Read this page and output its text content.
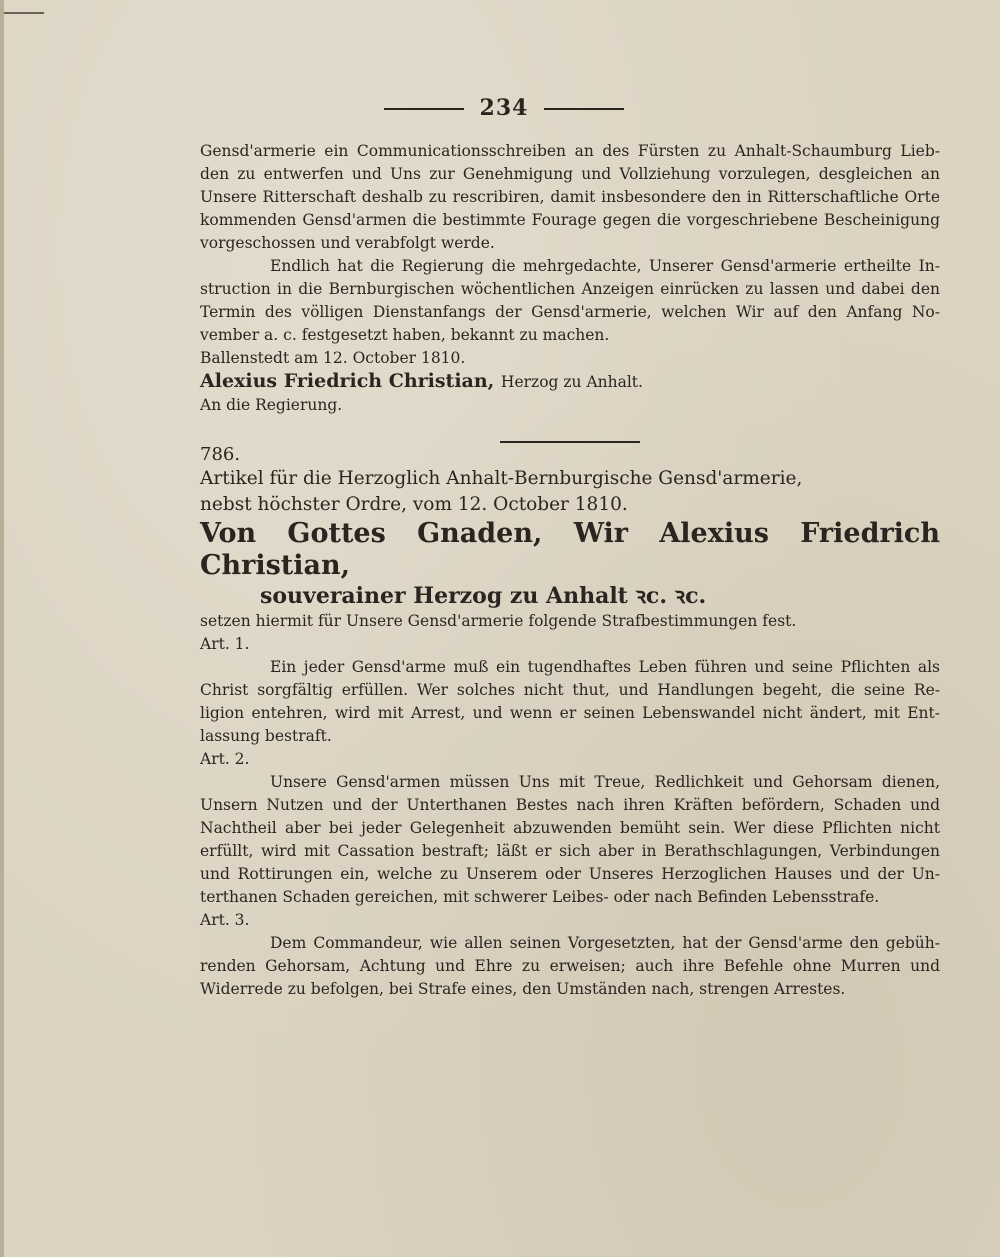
234

Gensd'armerie ein Communicationsschreiben an des Fürsten zu Anhalt-Schaumburg Lieb- den zu entwerfen und Uns zur Genehmigung und Vollziehung vorzulegen, desgleichen an Unsere Ritterschaft deshalb zu rescribiren, damit insbesondere den in Ritterschaftliche Orte kommenden Gensd'armen die bestimmte Fourage gegen die vorgeschriebene Bescheinigung vorgeschossen und verabfolgt werde.

Endlich hat die Regierung die mehrgedachte, Unserer Gensd'armerie ertheilte In- struction in die Bernburgischen wöchentlichen Anzeigen einrücken zu lassen und dabei den Termin des völligen Dienstanfangs der Gensd'armerie, welchen Wir auf den Anfang No- vember a. c. festgesetzt haben, bekannt zu machen.

Ballenstedt am 12. October 1810.

Alexius Friedrich Christian, Herzog zu Anhalt.

An die Regierung.

786.

Artikel für die Herzoglich Anhalt-Bernburgische Gensd'armerie,

nebst höchster Ordre, vom 12. October 1810.

Von Gottes Gnaden, Wir Alexius Friedrich Christian,

souverainer Herzog zu Anhalt ꝛc. ꝛc.

setzen hiermit für Unsere Gensd'armerie folgende Strafbestimmungen fest.

Art. 1.

Ein jeder Gensd'arme muß ein tugendhaftes Leben führen und seine Pflichten als Christ sorgfältig erfüllen. Wer solches nicht thut, und Handlungen begeht, die seine Re- ligion entehren, wird mit Arrest, und wenn er seinen Lebenswandel nicht ändert, mit Ent- lassung bestraft.

Art. 2.

Unsere Gensd'armen müssen Uns mit Treue, Redlichkeit und Gehorsam dienen, Unsern Nutzen und der Unterthanen Bestes nach ihren Kräften befördern, Schaden und Nachtheil aber bei jeder Gelegenheit abzuwenden bemüht sein. Wer diese Pflichten nicht erfüllt, wird mit Cassation bestraft; läßt er sich aber in Berathschlagungen, Verbindungen und Rottirungen ein, welche zu Unserem oder Unseres Herzoglichen Hauses und der Un- terthanen Schaden gereichen, mit schwerer Leibes- oder nach Befinden Lebensstrafe.

Art. 3.

Dem Commandeur, wie allen seinen Vorgesetzten, hat der Gensd'arme den gebüh- renden Gehorsam, Achtung und Ehre zu erweisen; auch ihre Befehle ohne Murren und Widerrede zu befolgen, bei Strafe eines, den Umständen nach, strengen Arrestes.
